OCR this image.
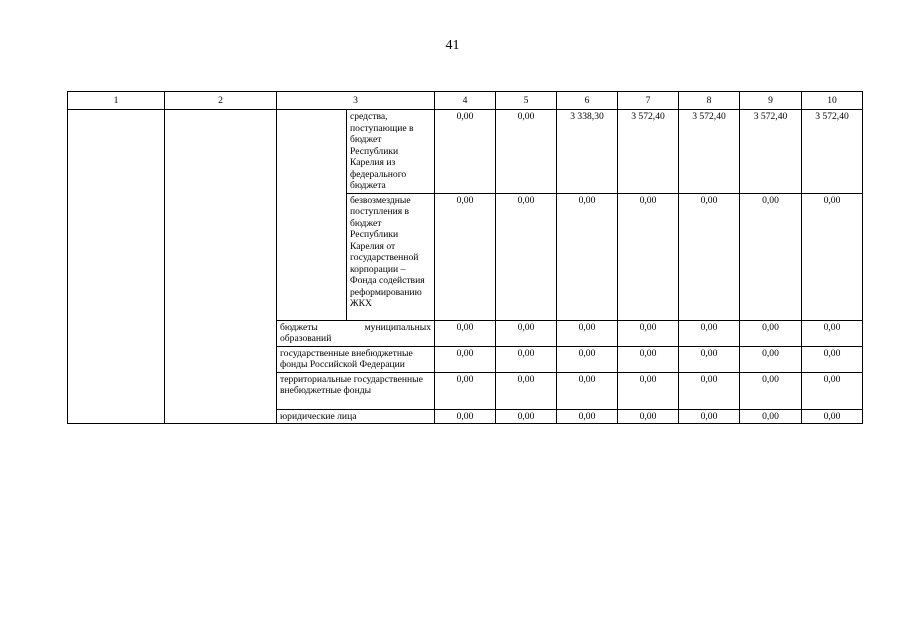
41
1	2	3		4	5	6	7	8	9	10
			средства, поступающие в бюджет Республики Карелия из федерального бюджета	0,00	0,00	3 338,30	3 572,40	3 572,40	3 572,40	3 572,40
			безвозмездные поступления в бюджет Республики Карелия от государственной корпорации – Фонда содействия реформированию ЖКХ	0,00	0,00	0,00	0,00	0,00	0,00	0,00
		бюджеты муниципальных образований		0,00	0,00	0,00	0,00	0,00	0,00	0,00
		государственные внебюджетные фонды Российской Федерации		0,00	0,00	0,00	0,00	0,00	0,00	0,00
		территориальные государственные внебюджетные фонды		0,00	0,00	0,00	0,00	0,00	0,00	0,00
		юридические лица		0,00	0,00	0,00	0,00	0,00	0,00	0,00
